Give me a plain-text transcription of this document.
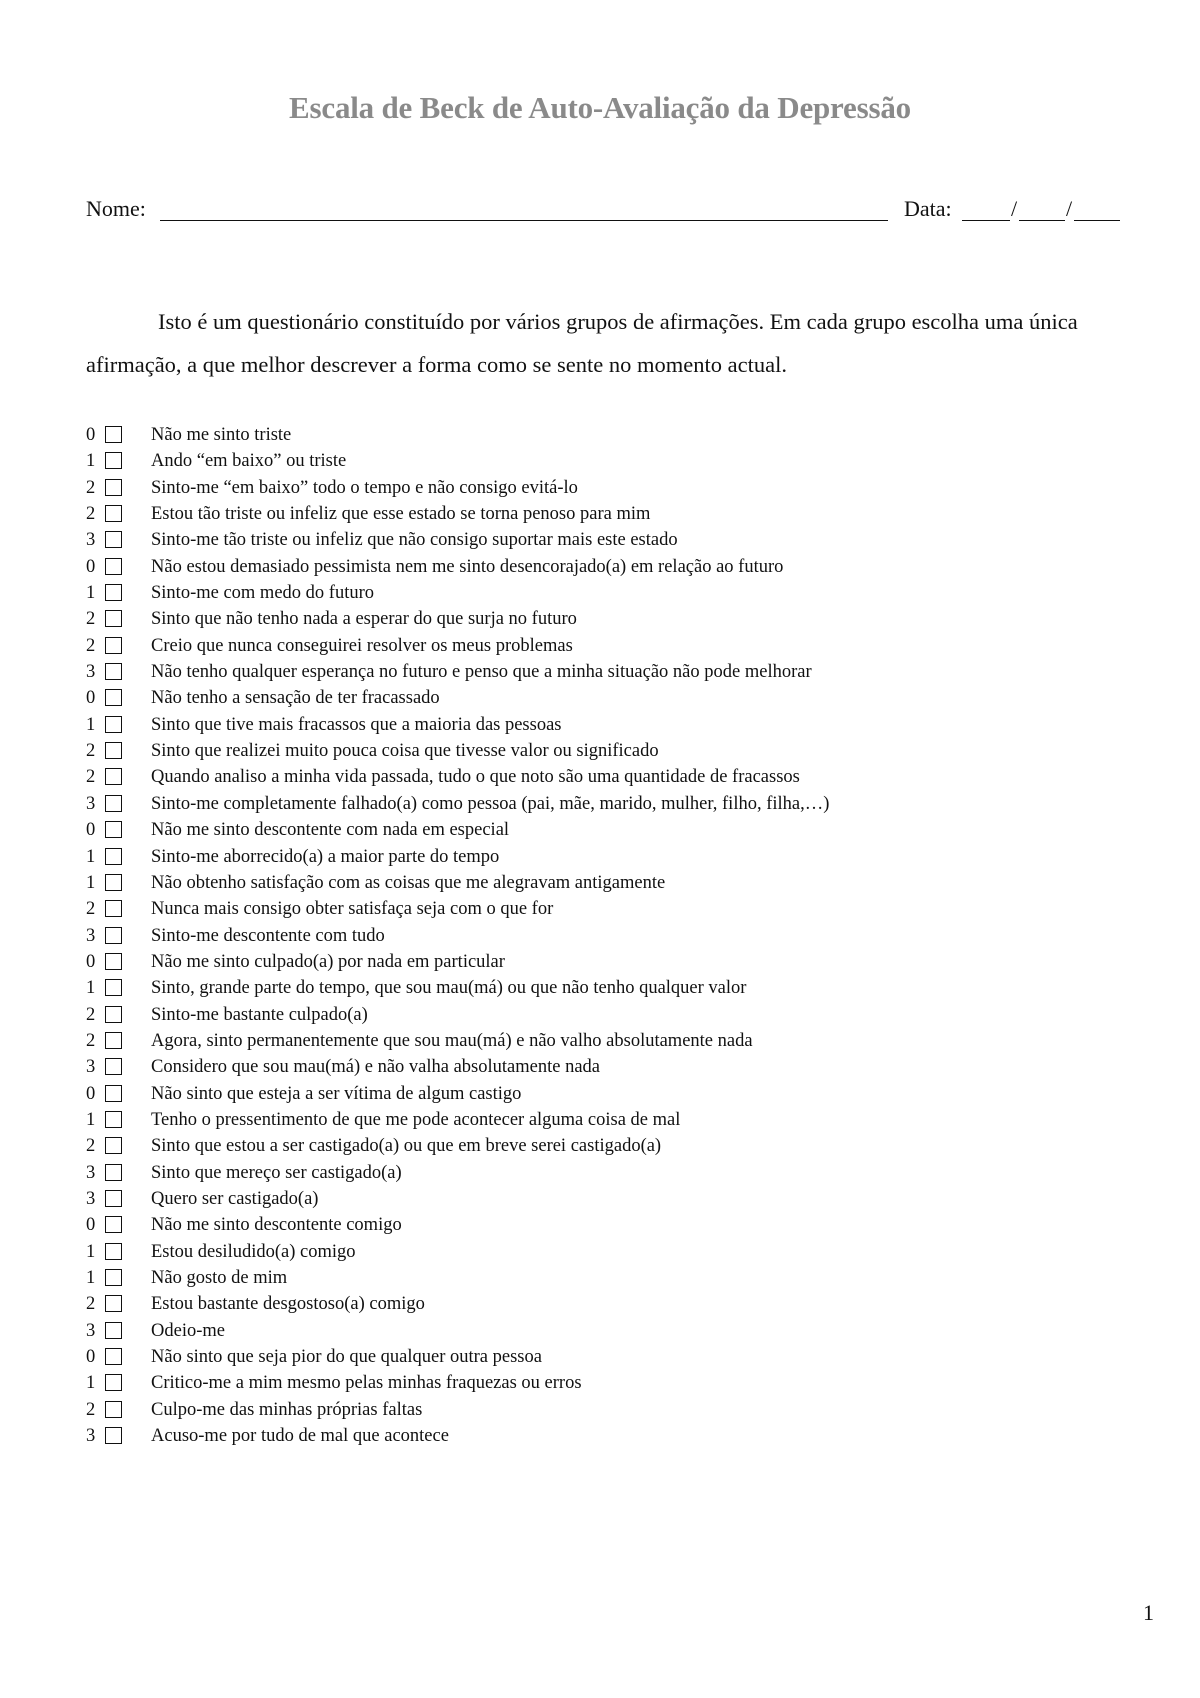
Escala de Beck de Auto-Avaliação da Depressão
Nome:	Data:	/ /

Isto é um questionário constituído por vários grupos de afirmações. Em cada grupo escolha uma única afirmação, a que melhor descrever a forma como se sente no momento actual.

0	Não me sinto triste
1	Ando “em baixo” ou triste
2	Sinto-me “em baixo” todo o tempo e não consigo evitá-lo
2	Estou tão triste ou infeliz que esse estado se torna penoso para mim
3	Sinto-me tão triste ou infeliz que não consigo suportar mais este estado
0	Não estou demasiado pessimista nem me sinto desencorajado(a) em relação ao futuro
1	Sinto-me com medo do futuro
2	Sinto que não tenho nada a esperar do que surja no futuro
2	Creio que nunca conseguirei resolver os meus problemas
3	Não tenho qualquer esperança no futuro e penso que a minha situação não pode melhorar
0	Não tenho a sensação de ter fracassado
1	Sinto que tive mais fracassos que a maioria das pessoas
2	Sinto que realizei muito pouca coisa que tivesse valor ou significado
2	Quando analiso a minha vida passada, tudo o que noto são uma quantidade de fracassos
3	Sinto-me completamente falhado(a) como pessoa (pai, mãe, marido, mulher, filho, filha,…)
0	Não me sinto descontente com nada em especial
1	Sinto-me aborrecido(a) a maior parte do tempo
1	Não obtenho satisfação com as coisas que me alegravam antigamente
2	Nunca mais consigo obter satisfaça seja com o que for
3	Sinto-me descontente com tudo
0	Não me sinto culpado(a) por nada em particular
1	Sinto, grande parte do tempo, que sou mau(má) ou que não tenho qualquer valor
2	Sinto-me bastante culpado(a)
2	Agora, sinto permanentemente que sou mau(má) e não valho absolutamente nada
3	Considero que sou mau(má) e não valha absolutamente nada
0	Não sinto que esteja a ser vítima de algum castigo
1	Tenho o pressentimento de que me pode acontecer alguma coisa de mal
2	Sinto que estou a ser castigado(a) ou que em breve serei castigado(a)
3	Sinto que mereço ser castigado(a)
3	Quero ser castigado(a)
0	Não me sinto descontente comigo
1	Estou desiludido(a) comigo
1	Não gosto de mim
2	Estou bastante desgostoso(a) comigo
3	Odeio-me
0	Não sinto que seja pior do que qualquer outra pessoa
1	Critico-me a mim mesmo pelas minhas fraquezas ou erros
2	Culpo-me das minhas próprias faltas
3	Acuso-me por tudo de mal que acontece
1
